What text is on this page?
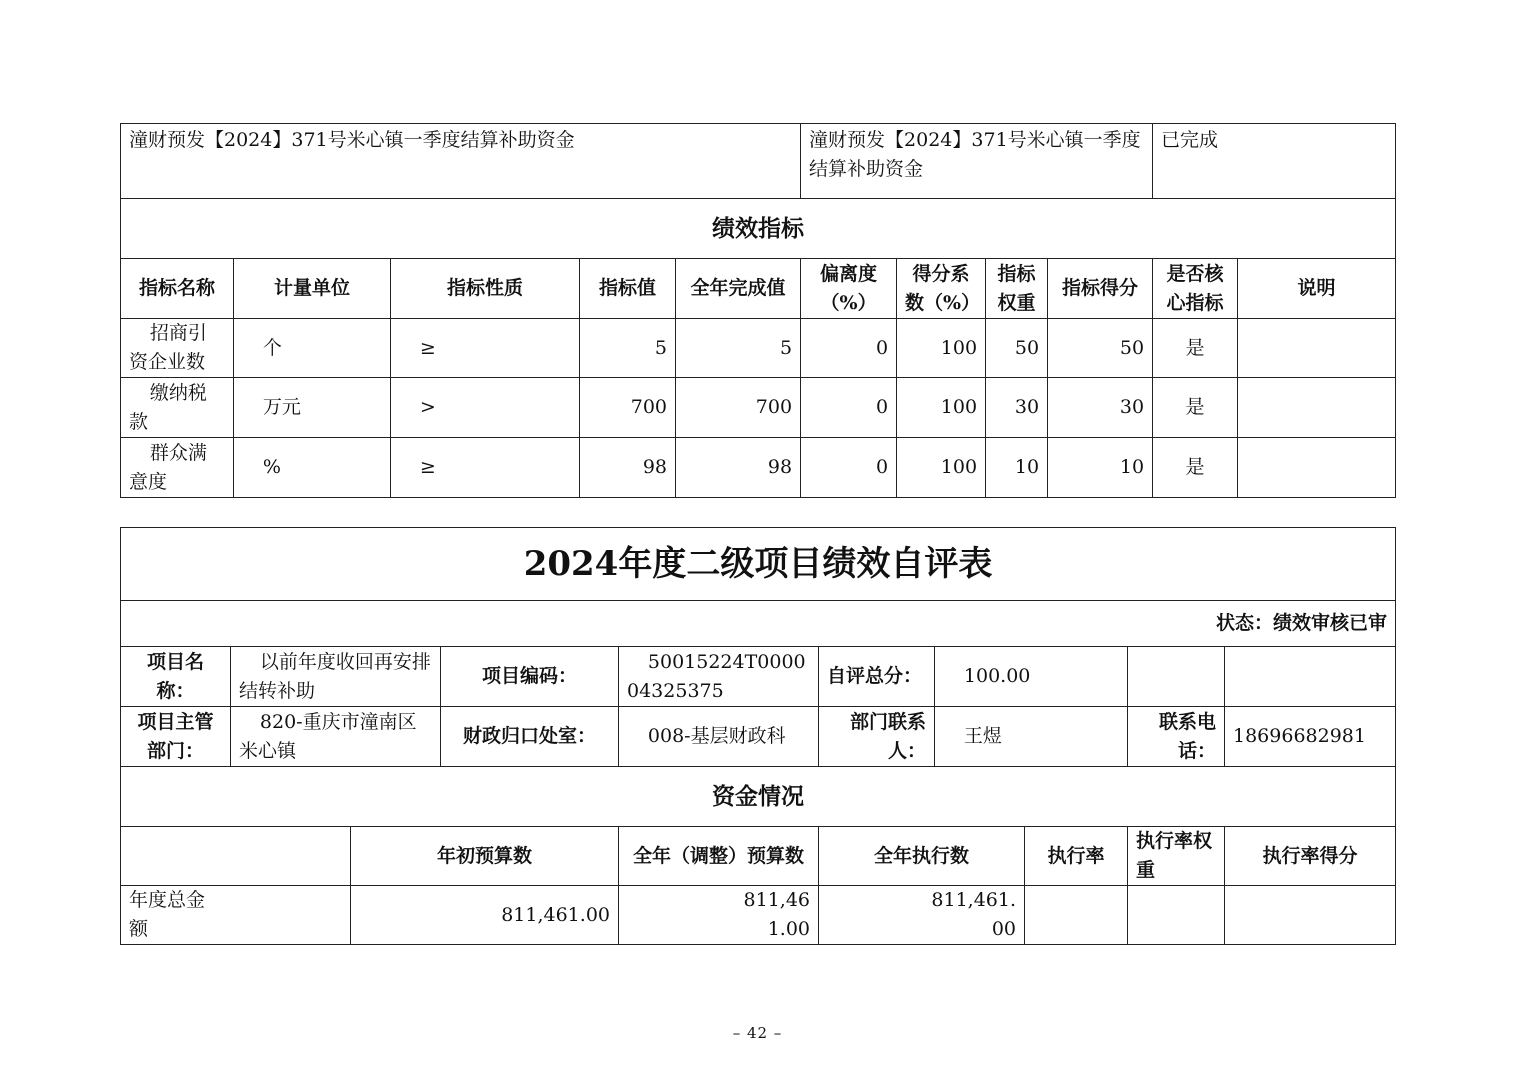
潼财预发【2024】371号米心镇一季度结算补助资金					潼财预发【2024】371号米心镇一季度结算补助资金				已完成	
绩效指标										
指标名称	计量单位	指标性质	指标值	全年完成值	偏离度（%）	得分系数（%）	指标权重	指标得分	是否核心指标	说明
招商引资企业数	个	≥	5	5	0	100	50	50	是	
缴纳税款	万元	>	700	700	0	100	30	30	是	
群众满意度	%	≥	98	98	0	100	10	10	是	
2024年度二级项目绩效自评表									
状态：绩效审核已审									
项目名称：	以前年度收回再安排结转补助		项目编码：	50015224T000004325375	自评总分：	100.00			
项目主管部门：	820-重庆市潼南区米心镇		财政归口处室：	008-基层财政科	部门联系人：	王煜		联系电话：	18696682981
资金情况									
		年初预算数		全年（调整）预算数	全年执行数		执行率	执行率权重	执行率得分
年度总金额		811,461.00		811,461.00	811,461.00				
– 42 –
